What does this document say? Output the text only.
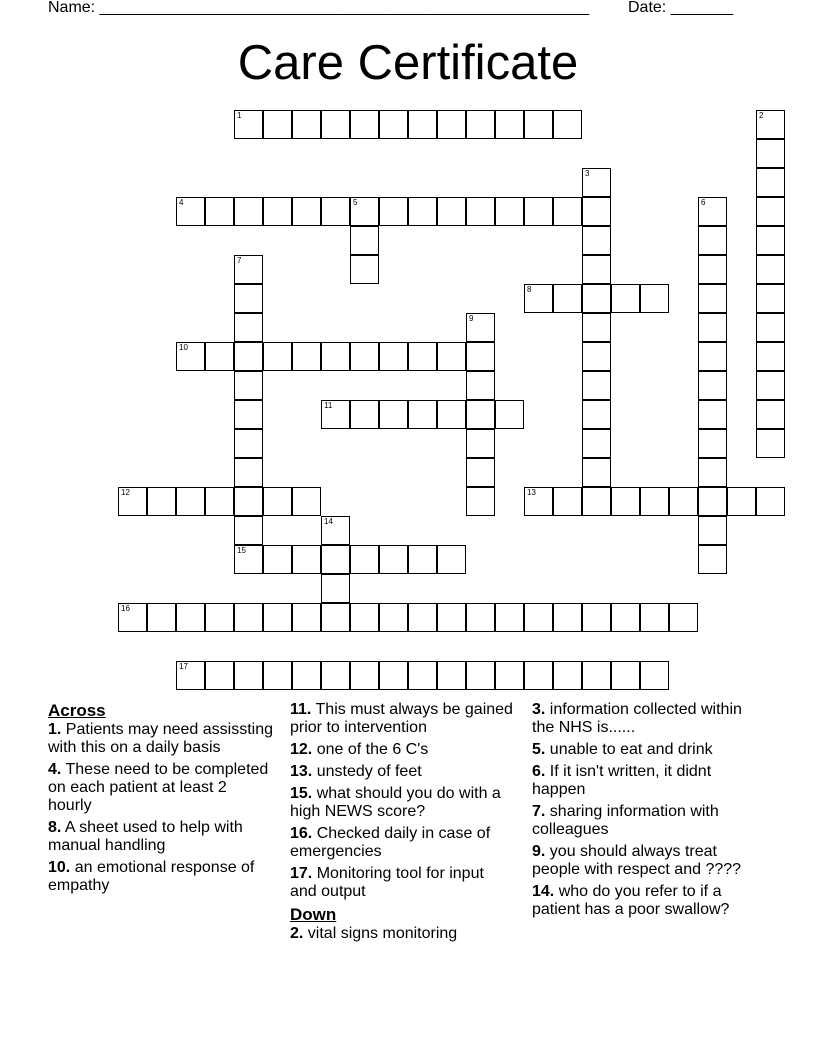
Name: _______________________________________________________ Date: _______
Care Certificate
1	2
3
4	5	6
7
8
9
10
11
12	13
14
15
16
17
Across
1. Patients may need assissting with this on a daily basis
4. These need to be completed on each patient at least 2 hourly
8. A sheet used to help with manual handling
10. an emotional response of empathy
11. This must always be gained prior to intervention
12. one of the 6 C's
13. unstedy of feet
15. what should you do with a high NEWS score?
16. Checked daily in case of emergencies
17. Monitoring tool for input and output
Down
2. vital signs monitoring
3. information collected within the NHS is......
5. unable to eat and drink
6. If it isn't written, it didnt happen
7. sharing information with colleagues
9. you should always treat people with respect and ????
14. who do you refer to if a patient has a poor swallow?
